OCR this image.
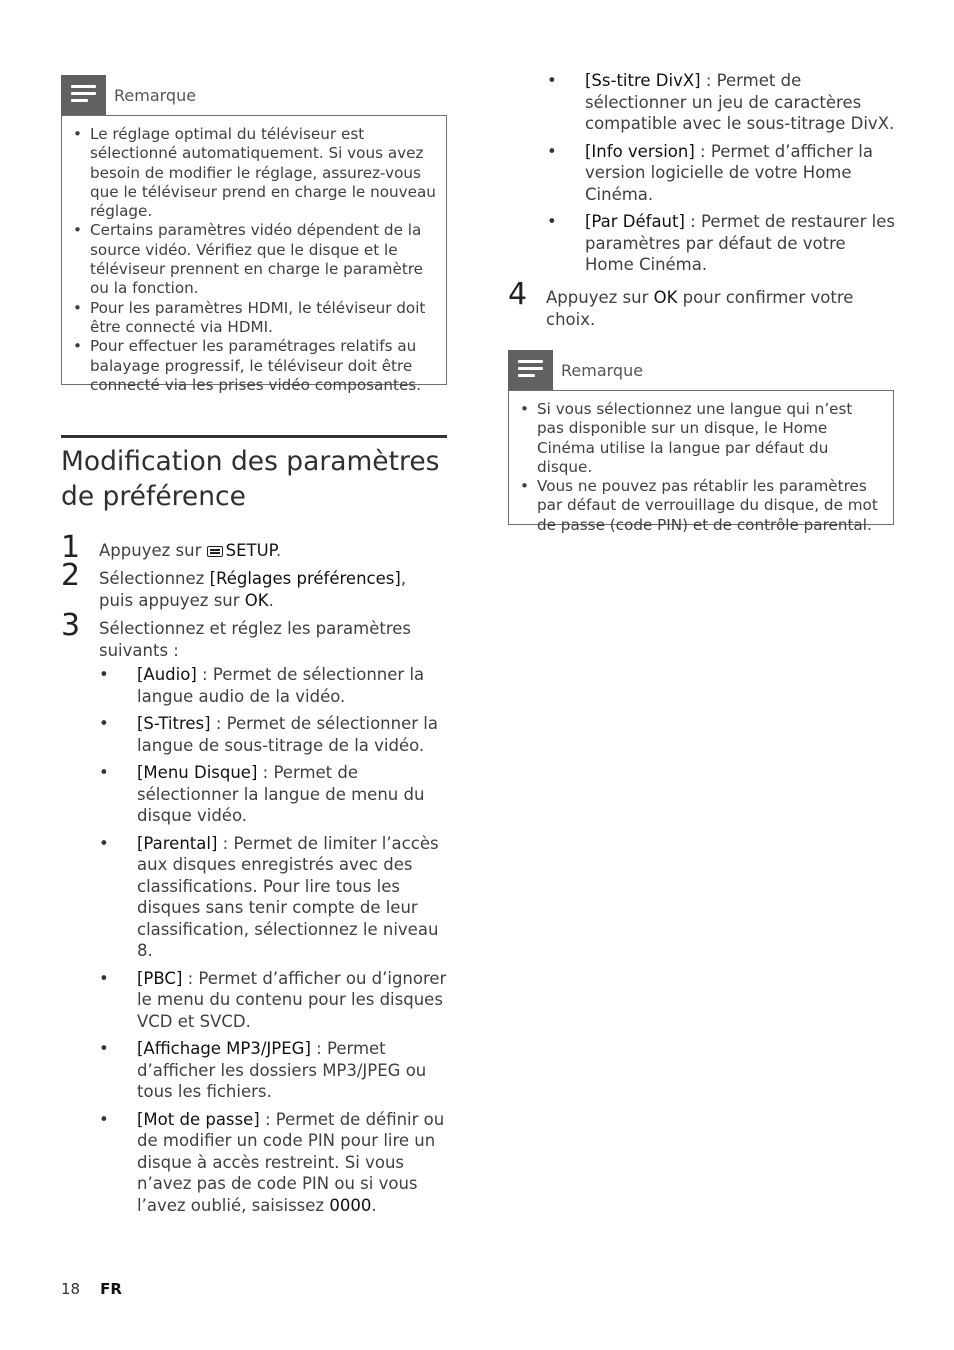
Remarque
• Le réglage optimal du téléviseur est sélectionné automatiquement. Si vous avez besoin de modifier le réglage, assurez-vous que le téléviseur prend en charge le nouveau réglage.
• Certains paramètres vidéo dépendent de la source vidéo. Vérifiez que le disque et le téléviseur prennent en charge le paramètre ou la fonction.
• Pour les paramètres HDMI, le téléviseur doit être connecté via HDMI.
• Pour effectuer les paramétrages relatifs au balayage progressif, le téléviseur doit être connecté via les prises vidéo composantes.
Modification des paramètres de préférence
1 Appuyez sur SETUP.
2 Sélectionnez [Réglages préférences], puis appuyez sur OK.
3 Sélectionnez et réglez les paramètres suivants :
• [Audio] : Permet de sélectionner la langue audio de la vidéo.
• [S-Titres] : Permet de sélectionner la langue de sous-titrage de la vidéo.
• [Menu Disque] : Permet de sélectionner la langue de menu du disque vidéo.
• [Parental] : Permet de limiter l’accès aux disques enregistrés avec des classifications. Pour lire tous les disques sans tenir compte de leur classification, sélectionnez le niveau 8.
• [PBC] : Permet d’afficher ou d’ignorer le menu du contenu pour les disques VCD et SVCD.
• [Affichage MP3/JPEG] : Permet d’afficher les dossiers MP3/JPEG ou tous les fichiers.
• [Mot de passe] : Permet de définir ou de modifier un code PIN pour lire un disque à accès restreint. Si vous n’avez pas de code PIN ou si vous l’avez oublié, saisissez 0000.
• [Ss-titre DivX] : Permet de sélectionner un jeu de caractères compatible avec le sous-titrage DivX.
• [Info version] : Permet d’afficher la version logicielle de votre Home Cinéma.
• [Par Défaut] : Permet de restaurer les paramètres par défaut de votre Home Cinéma.
4 Appuyez sur OK pour confirmer votre choix.
Remarque
• Si vous sélectionnez une langue qui n’est pas disponible sur un disque, le Home Cinéma utilise la langue par défaut du disque.
• Vous ne pouvez pas rétablir les paramètres par défaut de verrouillage du disque, de mot de passe (code PIN) et de contrôle parental.
18 FR
